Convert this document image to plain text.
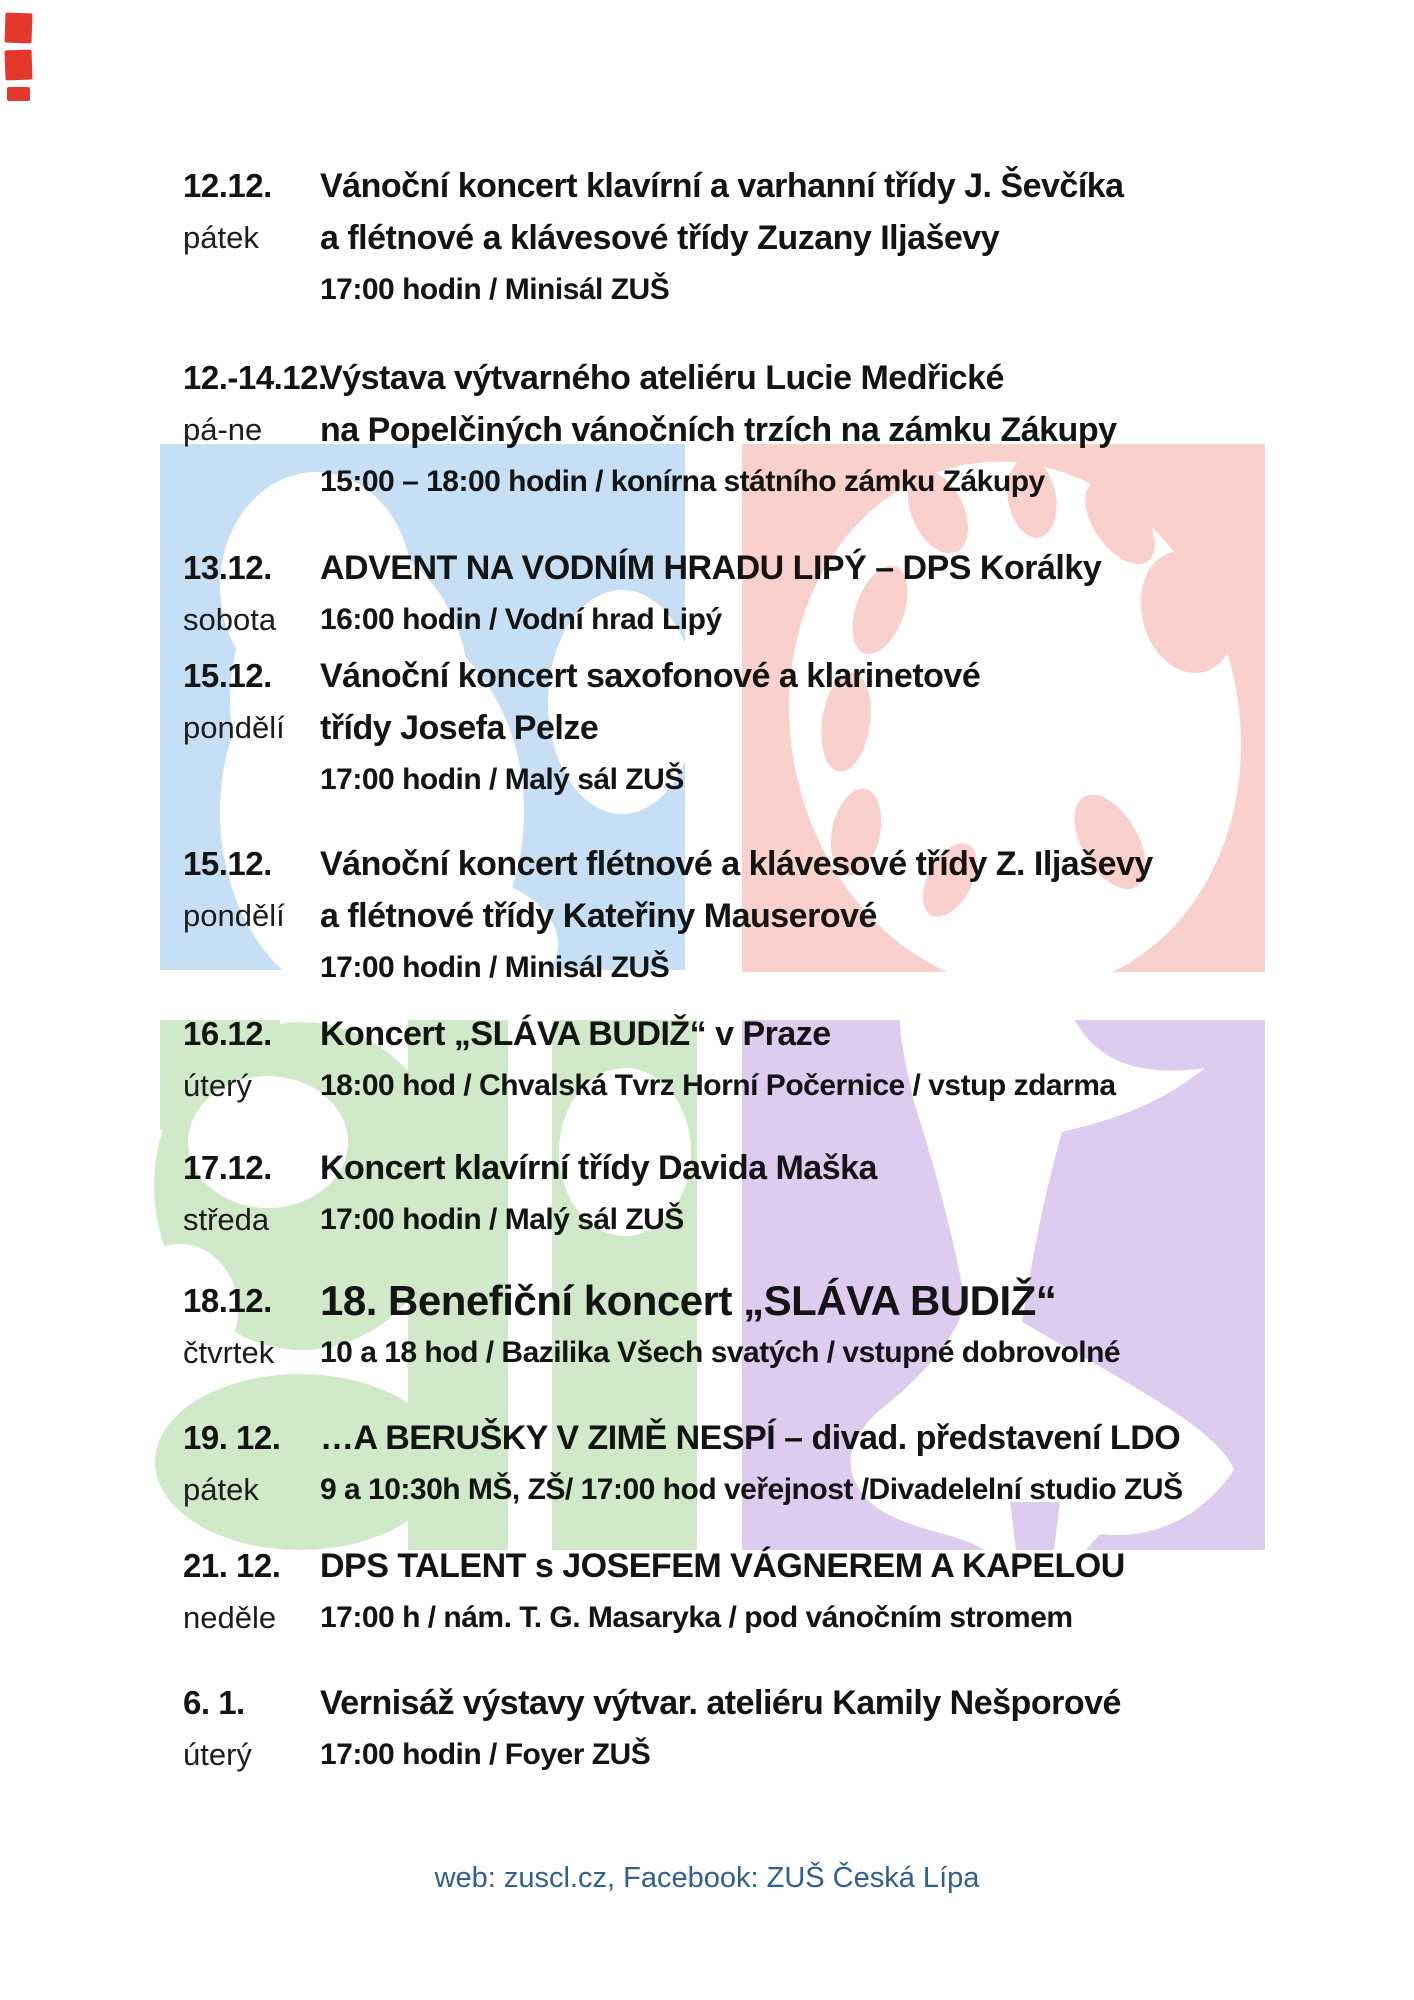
12.12.
pátek
Vánoční koncert klavírní a varhanní třídy J. Ševčíka
a flétnové a klávesové třídy Zuzany Iljaševy
17:00 hodin / Minisál ZUŠ
12.-14.12.
pá-ne
Výstava výtvarného ateliéru Lucie Medřické
na Popelčiných vánočních trzích na zámku Zákupy
15:00 – 18:00 hodin / konírna státního zámku Zákupy
13.12.
sobota
ADVENT NA VODNÍM HRADU LIPÝ – DPS Korálky
16:00 hodin / Vodní hrad Lipý
15.12.
pondělí
Vánoční koncert saxofonové a klarinetové
třídy Josefa Pelze
17:00 hodin / Malý sál ZUŠ
15.12.
pondělí
Vánoční koncert flétnové a klávesové třídy Z. Iljaševy
a flétnové třídy Kateřiny Mauserové
17:00 hodin / Minisál ZUŠ
16.12.
úterý
Koncert „SLÁVA BUDIŽ“ v Praze
18:00 hod / Chvalská Tvrz Horní Počernice / vstup zdarma
17.12.
středa
Koncert klavírní třídy Davida Maška
17:00 hodin / Malý sál ZUŠ
18.12.
čtvrtek
18. Benefiční koncert „SLÁVA BUDIŽ“
10 a 18 hod / Bazilika Všech svatých / vstupné dobrovolné
19. 12.
pátek
…A BERUŠKY V ZIMĚ NESPÍ – divad. představení LDO
9 a 10:30h MŠ, ZŠ/ 17:00 hod veřejnost /Divadelelní studio ZUŠ
21. 12.
neděle
DPS TALENT s JOSEFEM VÁGNEREM A KAPELOU
17:00 h / nám. T. G. Masaryka / pod vánočním stromem
6. 1.
úterý
Vernisáž výstavy výtvar. ateliéru Kamily Nešporové
17:00 hodin / Foyer ZUŠ
web: zuscl.cz, Facebook: ZUŠ Česká Lípa
